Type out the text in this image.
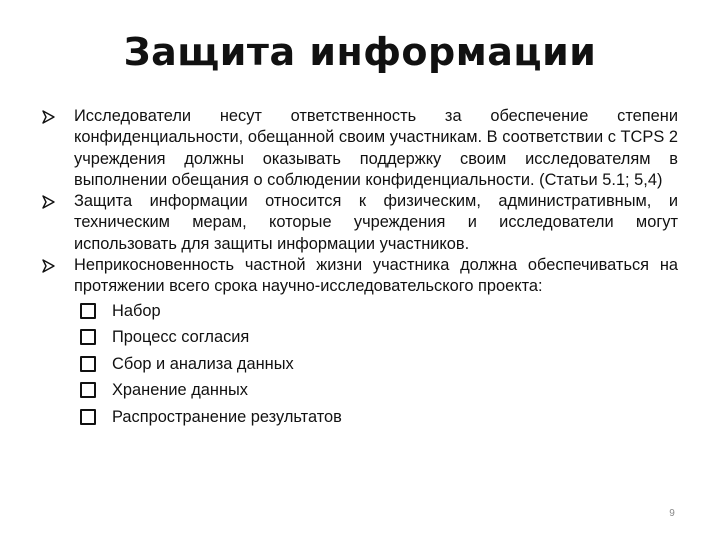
Защита информации
Исследователи несут ответственность за обеспечение степени конфиденциальности, обещанной своим участникам. В соответствии с TCPS 2 учреждения должны оказывать поддержку своим исследователям в выполнении обещания о соблюдении конфиденциальности. (Статьи 5.1; 5,4)
Защита информации относится к физическим, административным, и техническим мерам, которые учреждения и исследователи могут использовать для защиты информации участников.
Неприкосновенность частной жизни участника должна обеспечиваться на протяжении всего срока научно-исследовательского проекта:
Набор
Процесс согласия
Сбор и анализа данных
Хранение данных
Распространение результатов
9
